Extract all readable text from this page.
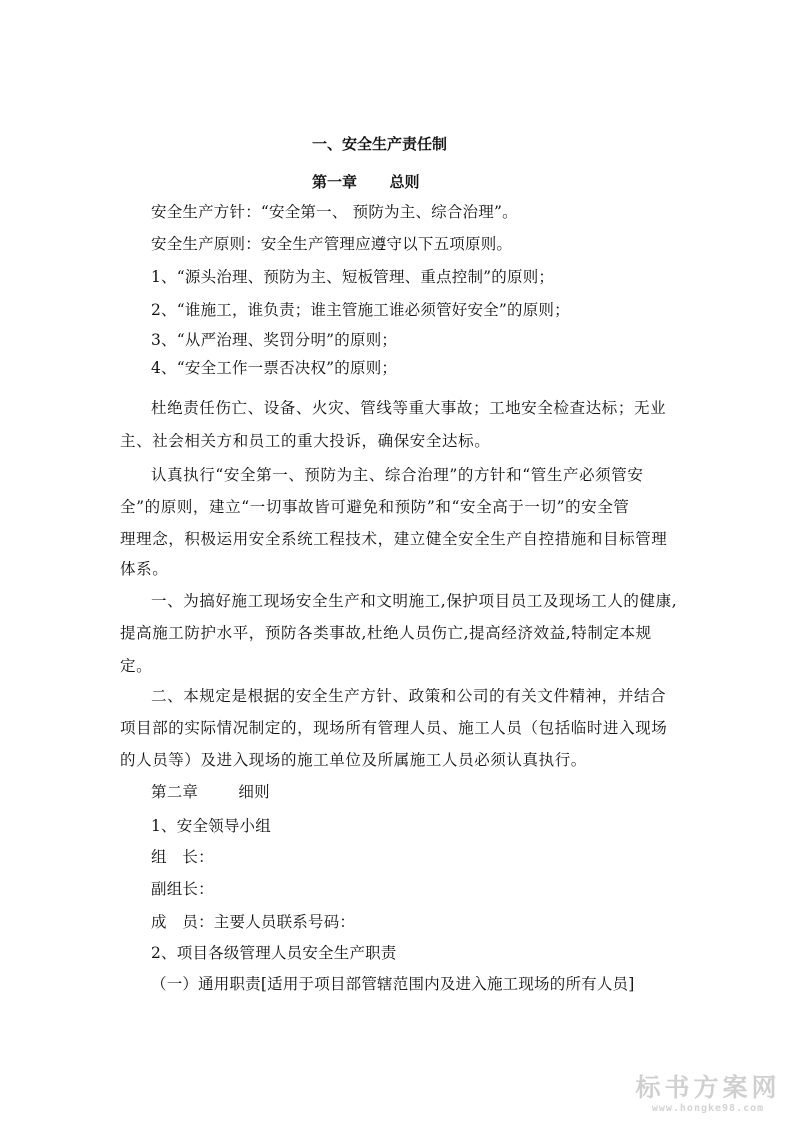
一、安全生产责任制
第一章 总则
安全生产方针：“安全第一、 预防为主、综合治理”。
安全生产原则：安全生产管理应遵守以下五项原则。
1、“源头治理、预防为主、短板管理、重点控制”的原则；
2、“谁施工，谁负责；谁主管施工谁必须管好安全”的原则；
3、“从严治理、奖罚分明”的原则；
4、“安全工作一票否决权”的原则；
杜绝责任伤亡、设备、火灾、管线等重大事故；工地安全检查达标；无业
主、社会相关方和员工的重大投诉，确保安全达标。
认真执行“安全第一、预防为主、综合治理”的方针和“管生产必须管安
全”的原则，建立“一切事故皆可避免和预防”和“安全高于一切”的安全管
理理念，积极运用安全系统工程技术，建立健全安全生产自控措施和目标管理
体系。
一、为搞好施工现场安全生产和文明施工,保护项目员工及现场工人的健康,
提高施工防护水平，预防各类事故,杜绝人员伤亡,提高经济效益,特制定本规
定。
二、本规定是根据的安全生产方针、政策和公司的有关文件精神，并结合
项目部的实际情况制定的，现场所有管理人员、施工人员（包括临时进入现场
的人员等）及进入现场的施工单位及所属施工人员必须认真执行。
第二章	细则
1、安全领导小组
组　长：
副组长：
成　员：主要人员联系号码：
2、项目各级管理人员安全生产职责
（一）通用职责[适用于项目部管辖范围内及进入施工现场的所有人员]
标书方案网
www.hongke98.com
